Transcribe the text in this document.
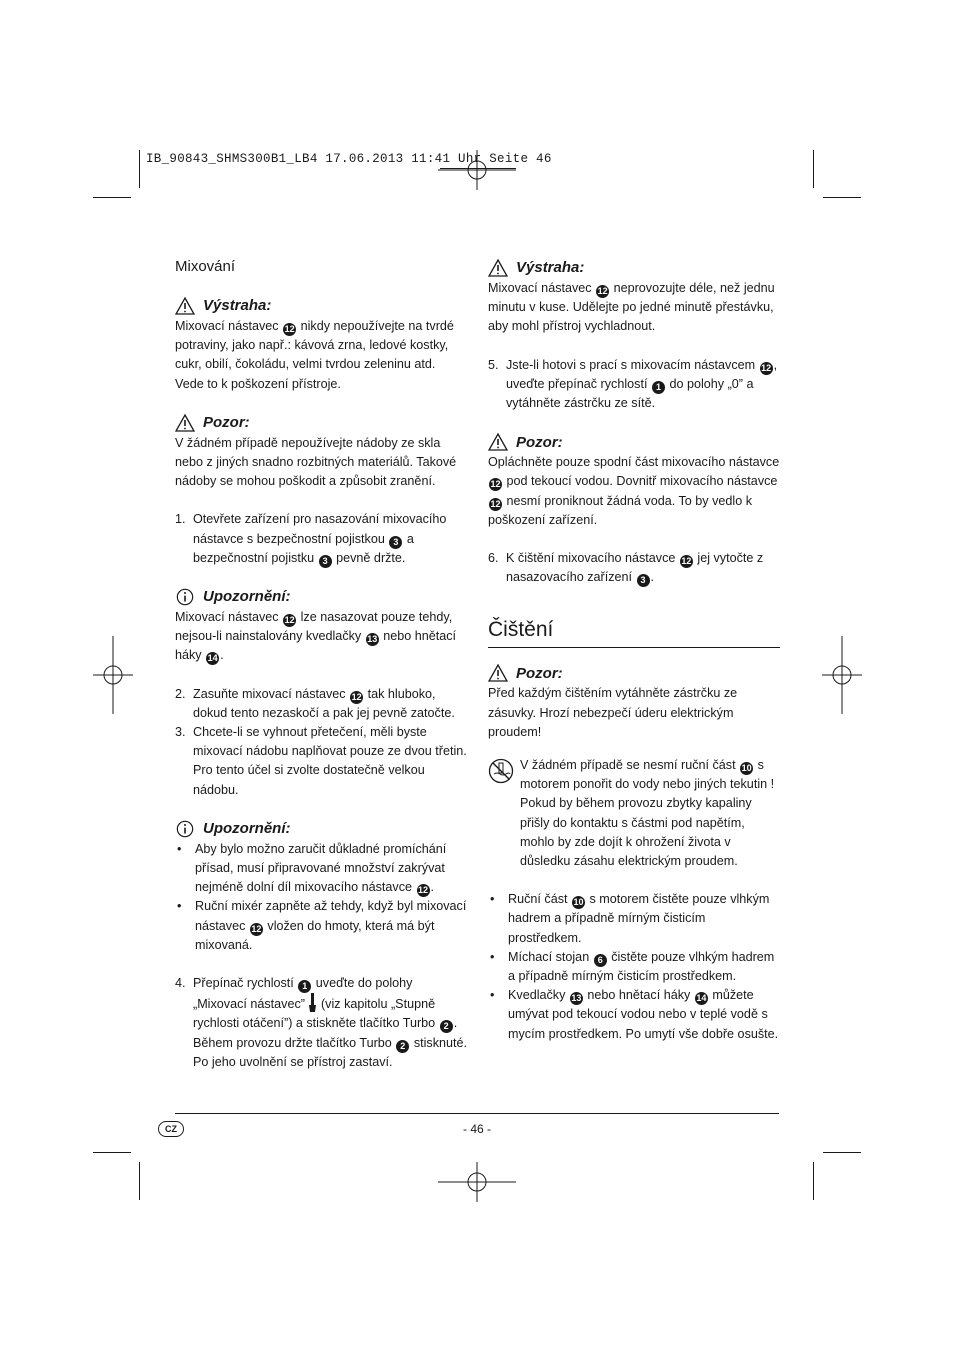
IB_90843_SHMS300B1_LB4 17.06.2013 11:41 Uhr Seite 46
Mixování
Výstraha:

Mixovací nástavec 12 nikdy nepoužívejte na tvrdé potraviny, jako např.: kávová zrna, ledové kostky, cukr, obilí, čokoládu, velmi tvrdou zeleninu atd. Vede to k poškození přístroje.

Pozor:

V žádném případě nepoužívejte nádoby ze skla nebo z jiných snadno rozbitných materiálů. Takové nádoby se mohou poškodit a způsobit zranění.

1. Otevřete zařízení pro nasazování mixovacího nástavce s bezpečnostní pojistkou 3 a bezpečnostní pojistku 3 pevně držte.
Upozornění:

Mixovací nástavec 12 lze nasazovat pouze tehdy, nejsou-li nainstalovány kvedlačky 13 nebo hnětací háky 14 .

2. Zasuňte mixovací nástavec 12 tak hluboko, dokud tento nezaskočí a pak jej pevně zatočte.
3. Chcete-li se vyhnout přetečení, měli byste mixovací nádobu naplňovat pouze ze dvou třetin. Pro tento účel si zvolte dostatečně velkou nádobu.
Upozornění:
•	Aby bylo možno zaručit důkladné promíchání přísad, musí připravované množství zakrývat nejméně dolní díl mixovacího nástavce 12 .
•	Ruční mixér zapněte až tehdy, když byl mixovací nástavec 12 vložen do hmoty, která má být mixovaná.
4. Přepínač rychlostí 1 uveďte do polohy „Mixovací nástavec” (viz kapitolu „Stupně rychlosti otáčení”) a stiskněte tlačítko Turbo 2 . Během provozu držte tlačítko Turbo 2 stisknuté. Po jeho uvolnění se přístroj zastaví.
Výstraha:

Mixovací nástavec 12 neprovozujte déle, než jednu minutu v kuse. Udělejte po jedné minutě přestávku, aby mohl přístroj vychladnout.

5. Jste-li hotovi s prací s mixovacím nástavcem 12 , uveďte přepínač rychlostí 1 do polohy „0” a vytáhněte zástrčku ze sítě.
Pozor:

Opláchněte pouze spodní část mixovacího nástavce 12 pod tekoucí vodou. Dovnitř mixovacího nástavce 12 nesmí proniknout žádná voda. To by vedlo k poškození zařízení.

6. K čištění mixovacího nástavce 12 jej vytočte z nasazovacího zařízení 3 .
Čištění
Pozor:

Před každým čištěním vytáhněte zástrčku ze zásuvky. Hrozí nebezpečí úderu elektrickým proudem!

V žádném případě se nesmí ruční část 10 s motorem ponořit do vody nebo jiných tekutin ! Pokud by během provozu zbytky kapaliny přišly do kontaktu s částmi pod napětím, mohlo by zde dojít k ohrožení života v důsledku zásahu elektrickým proudem.

•	Ruční část 10 s motorem čistěte pouze vlhkým hadrem a případně mírným čisticím prostředkem.
•	Míchací stojan 6 čistěte pouze vlhkým hadrem a případně mírným čisticím prostředkem.
•	Kvedlačky 13 nebo hnětací háky 14 můžete umývat pod tekoucí vodou nebo v teplé vodě s mycím prostředkem. Po umytí vše dobře osušte.
CZ	- 46 -
